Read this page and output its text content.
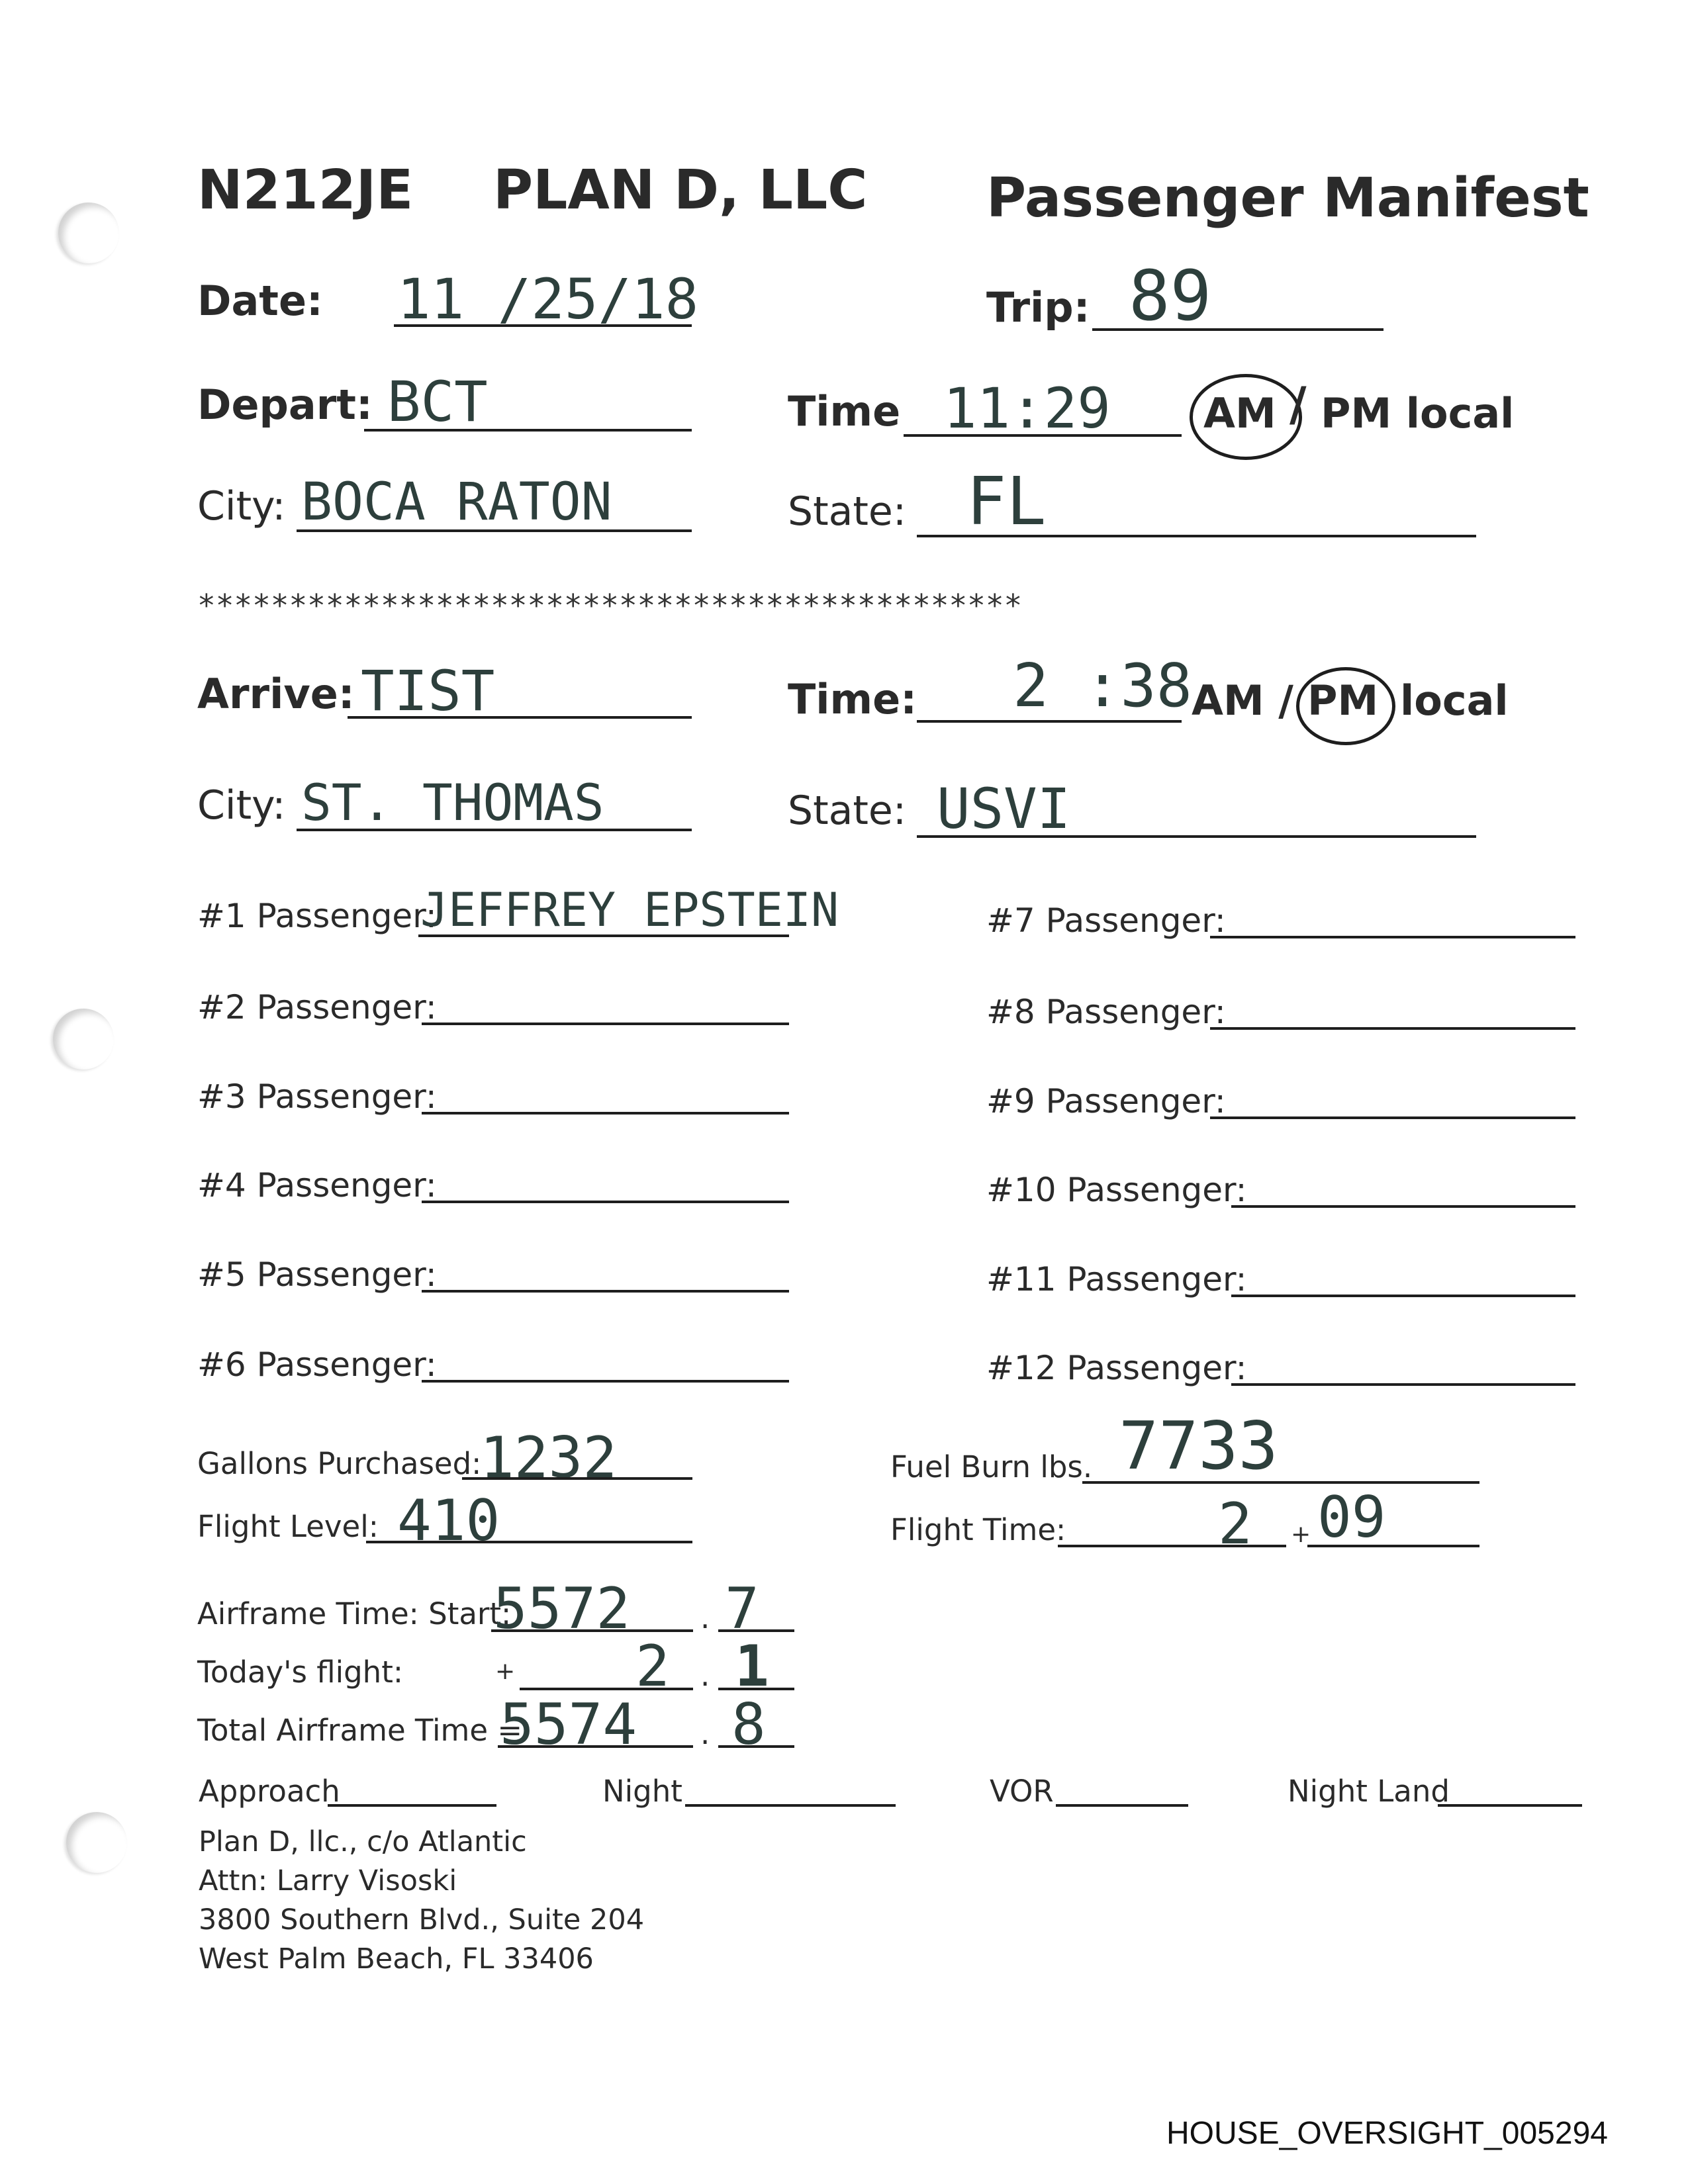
N212JE PLAN D, LLC Passenger Manifest
Date: 11 /25/18	Trip: 89
Depart: BCT	Time 11:29 AM / PM local
City: BOCA RATON	State: FL
*********************************************
Arrive: TIST	Time: 2 :38 AM / PM local
City: ST. THOMAS	State: USVI
#1 Passenger:
JEFFREY EPSTEIN
#2 Passenger:
#3 Passenger:
#4 Passenger:
#5 Passenger:
#6 Passenger:
#7 Passenger:
#8 Passenger:
#9 Passenger:
#10 Passenger:
#11 Passenger:
#12 Passenger:
Gallons Purchased:
1232	Fuel Burn lbs. 7733
Flight Level: 410	Flight Time:	2 + 09
Airframe Time: Start:
5572 . 7
Today's flight:	+ 2 . 1
Total Airframe Time =
5574 . 8
Approach	Night	VOR	Night Land
Plan D, llc., c/o Atlantic
Attn: Larry Visoski
3800 Southern Blvd., Suite 204
West Palm Beach, FL 33406
HOUSE_OVERSIGHT_005294
